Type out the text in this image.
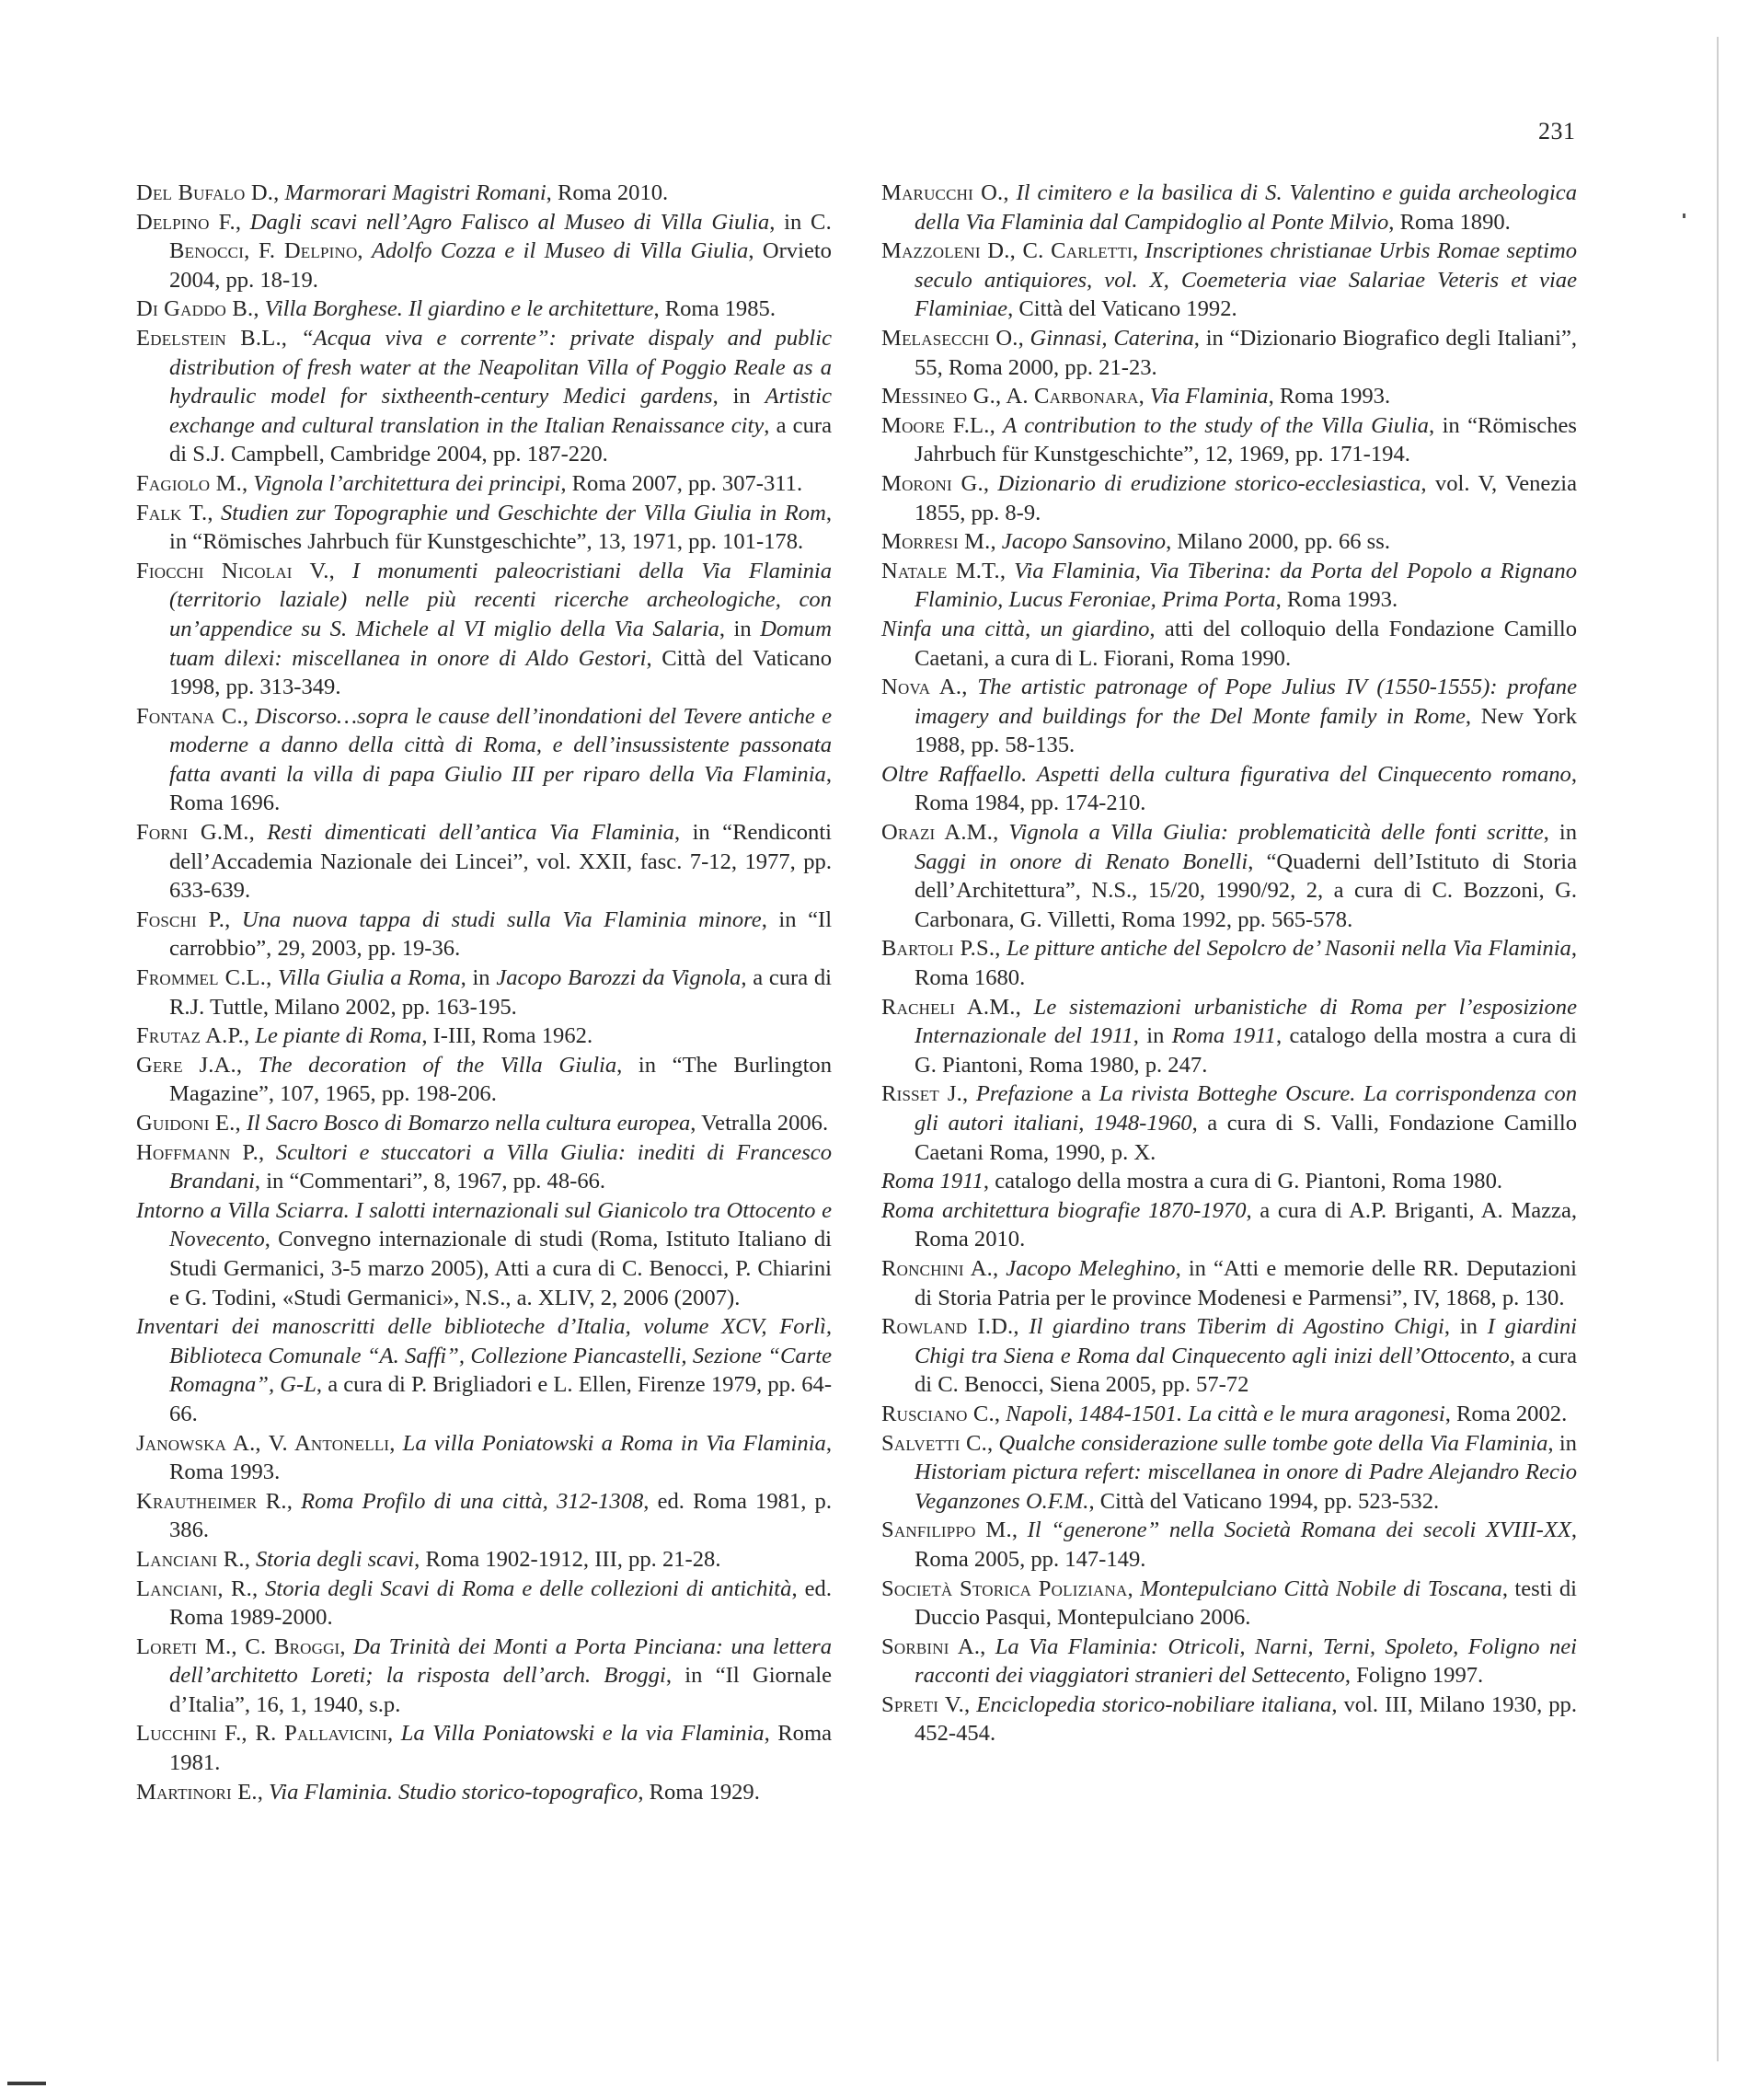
231

Del Bufalo D., Marmorari Magistri Romani, Roma 2010.

Delpino F., Dagli scavi nell’Agro Falisco al Museo di Villa Giulia, in C. Benocci, F. Delpino, Adolfo Cozza e il Museo di Villa Giulia, Orvieto 2004, pp. 18-19.

Di Gaddo B., Villa Borghese. Il giardino e le architetture, Roma 1985.

Edelstein B.L., “Acqua viva e corrente”: private dispaly and public distribution of fresh water at the Neapolitan Villa of Poggio Reale as a hydraulic model for sixtheenth-century Medici gardens, in Artistic exchange and cultural translation in the Italian Renaissance city, a cura di S.J. Campbell, Cambridge 2004, pp. 187-220.

Fagiolo M., Vignola l’architettura dei principi, Roma 2007, pp. 307-311.

Falk T., Studien zur Topographie und Geschichte der Villa Giulia in Rom, in “Römisches Jahrbuch für Kunstgeschichte”, 13, 1971, pp. 101-178.

Fiocchi Nicolai V., I monumenti paleocristiani della Via Flaminia (territorio laziale) nelle più recenti ricerche archeologiche, con un’appendice su S. Michele al VI miglio della Via Salaria, in Domum tuam dilexi: miscellanea in onore di Aldo Gestori, Città del Vaticano 1998, pp. 313-349.

Fontana C., Discorso…sopra le cause dell’inondationi del Tevere antiche e moderne a danno della città di Roma, e dell’insussistente passonata fatta avanti la villa di papa Giulio III per riparo della Via Flaminia, Roma 1696.

Forni G.M., Resti dimenticati dell’antica Via Flaminia, in “Rendiconti dell’Accademia Nazionale dei Lincei”, vol. XXII, fasc. 7-12, 1977, pp. 633-639.

Foschi P., Una nuova tappa di studi sulla Via Flaminia minore, in “Il carrobbio”, 29, 2003, pp. 19-36.

Frommel C.L., Villa Giulia a Roma, in Jacopo Barozzi da Vignola, a cura di R.J. Tuttle, Milano 2002, pp. 163-195.

Frutaz A.P., Le piante di Roma, I-III, Roma 1962.

Gere J.A., The decoration of the Villa Giulia, in “The Burlington Magazine”, 107, 1965, pp. 198-206.

Guidoni E., Il Sacro Bosco di Bomarzo nella cultura europea, Vetralla 2006.

Hoffmann P., Scultori e stuccatori a Villa Giulia: inediti di Francesco Brandani, in “Commentari”, 8, 1967, pp. 48-66.

Intorno a Villa Sciarra. I salotti internazionali sul Gianicolo tra Ottocento e Novecento, Convegno internazionale di studi (Roma, Istituto Italiano di Studi Germanici, 3-5 marzo 2005), Atti a cura di C. Benocci, P. Chiarini e G. Todini, «Studi Germanici», N.S., a. XLIV, 2, 2006 (2007).

Inventari dei manoscritti delle biblioteche d’Italia, volume XCV, Forlì, Biblioteca Comunale “A. Saffi”, Collezione Piancastelli, Sezione “Carte Romagna”, G-L, a cura di P. Brigliadori e L. Ellen, Firenze 1979, pp. 64-66.

Janowska A., V. Antonelli, La villa Poniatowski a Roma in Via Flaminia, Roma 1993.

Krautheimer R., Roma Profilo di una città, 312-1308, ed. Roma 1981, p. 386.

Lanciani R., Storia degli scavi, Roma 1902-1912, III, pp. 21-28.

Lanciani, R., Storia degli Scavi di Roma e delle collezioni di antichità, ed. Roma 1989-2000.

Loreti M., C. Broggi, Da Trinità dei Monti a Porta Pinciana: una lettera dell’architetto Loreti; la risposta dell’arch. Broggi, in “Il Giornale d’Italia”, 16, 1, 1940, s.p.

Lucchini F., R. Pallavicini, La Villa Poniatowski e la via Flaminia, Roma 1981.

Martinori E., Via Flaminia. Studio storico-topografico, Roma 1929.

Marucchi O., Il cimitero e la basilica di S. Valentino e guida archeologica della Via Flaminia dal Campidoglio al Ponte Milvio, Roma 1890.

Mazzoleni D., C. Carletti, Inscriptiones christianae Urbis Romae septimo seculo antiquiores, vol. X, Coemeteria viae Salariae Veteris et viae Flaminiae, Città del Vaticano 1992.

Melasecchi O., Ginnasi, Caterina, in “Dizionario Biografico degli Italiani”, 55, Roma 2000, pp. 21-23.

Messineo G., A. Carbonara, Via Flaminia, Roma 1993.

Moore F.L., A contribution to the study of the Villa Giulia, in “Römisches Jahrbuch für Kunstgeschichte”, 12, 1969, pp. 171-194.

Moroni G., Dizionario di erudizione storico-ecclesiastica, vol. V, Venezia 1855, pp. 8-9.

Morresi M., Jacopo Sansovino, Milano 2000, pp. 66 ss.

Natale M.T., Via Flaminia, Via Tiberina: da Porta del Popolo a Rignano Flaminio, Lucus Feroniae, Prima Porta, Roma 1993.

Ninfa una città, un giardino, atti del colloquio della Fondazione Camillo Caetani, a cura di L. Fiorani, Roma 1990.

Nova A., The artistic patronage of Pope Julius IV (1550-1555): profane imagery and buildings for the Del Monte family in Rome, New York 1988, pp. 58-135.

Oltre Raffaello. Aspetti della cultura figurativa del Cinquecento romano, Roma 1984, pp. 174-210.

Orazi A.M., Vignola a Villa Giulia: problematicità delle fonti scritte, in Saggi in onore di Renato Bonelli, “Quaderni dell’Istituto di Storia dell’Architettura”, N.S., 15/20, 1990/92, 2, a cura di C. Bozzoni, G. Carbonara, G. Villetti, Roma 1992, pp. 565-578.

Bartoli P.S., Le pitture antiche del Sepolcro de’ Nasonii nella Via Flaminia, Roma 1680.

Racheli A.M., Le sistemazioni urbanistiche di Roma per l’esposizione Internazionale del 1911, in Roma 1911, catalogo della mostra a cura di G. Piantoni, Roma 1980, p. 247.

Risset J., Prefazione a La rivista Botteghe Oscure. La corrispondenza con gli autori italiani, 1948-1960, a cura di S. Valli, Fondazione Camillo Caetani Roma, 1990, p. X.

Roma 1911, catalogo della mostra a cura di G. Piantoni, Roma 1980.

Roma architettura biografie 1870-1970, a cura di A.P. Briganti, A. Mazza, Roma 2010.

Ronchini A., Jacopo Meleghino, in “Atti e memorie delle RR. Deputazioni di Storia Patria per le province Modenesi e Parmensi”, IV, 1868, p. 130.

Rowland I.D., Il giardino trans Tiberim di Agostino Chigi, in I giardini Chigi tra Siena e Roma dal Cinquecento agli inizi dell’Ottocento, a cura di C. Benocci, Siena 2005, pp. 57-72

Rusciano C., Napoli, 1484-1501. La città e le mura aragonesi, Roma 2002.

Salvetti C., Qualche considerazione sulle tombe gote della Via Flaminia, in Historiam pictura refert: miscellanea in onore di Padre Alejandro Recio Veganzones O.F.M., Città del Vaticano 1994, pp. 523-532.

Sanfilippo M., Il “generone” nella Società Romana dei secoli XVIII-XX, Roma 2005, pp. 147-149.

Società Storica Poliziana, Montepulciano Città Nobile di Toscana, testi di Duccio Pasqui, Montepulciano 2006.

Sorbini A., La Via Flaminia: Otricoli, Narni, Terni, Spoleto, Foligno nei racconti dei viaggiatori stranieri del Settecento, Foligno 1997.

Spreti V., Enciclopedia storico-nobiliare italiana, vol. III, Milano 1930, pp. 452-454.
